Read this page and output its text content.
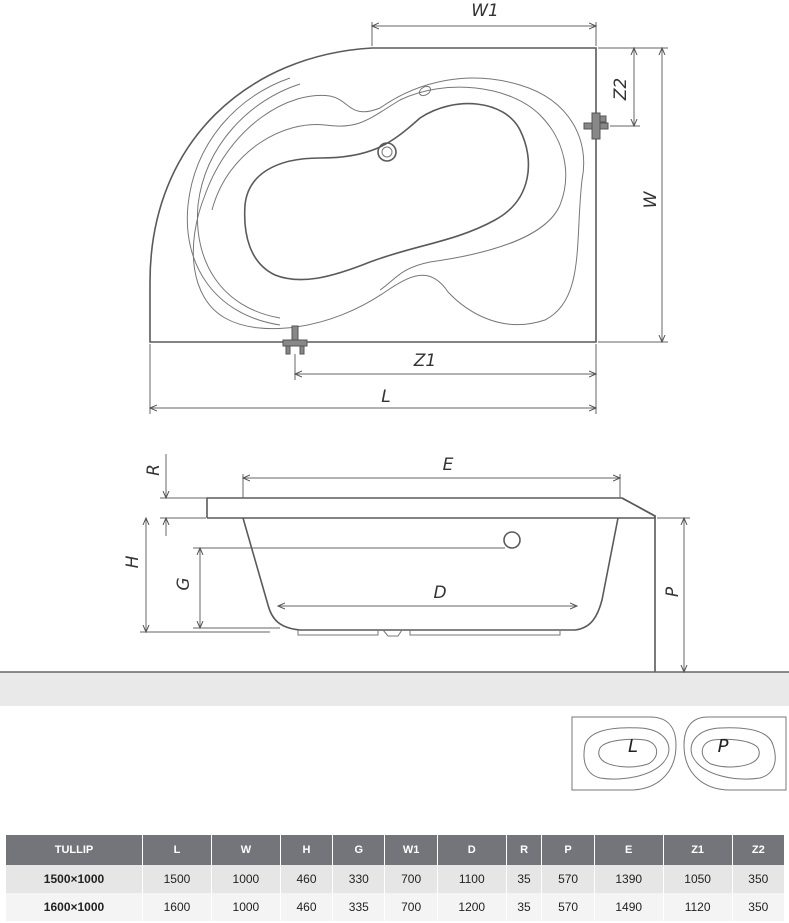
W1
W
Z2
Z1
L
E
R
H
G	D	P
L	P
TULLIP	L	W	H	G	W1	D	R	P	E	Z1	Z2
1500×1000	1500	1000	460	330	700	1100	35	570	1390	1050	350
1600×1000	1600	1000	460	335	700	1200	35	570	1490	1120	350
